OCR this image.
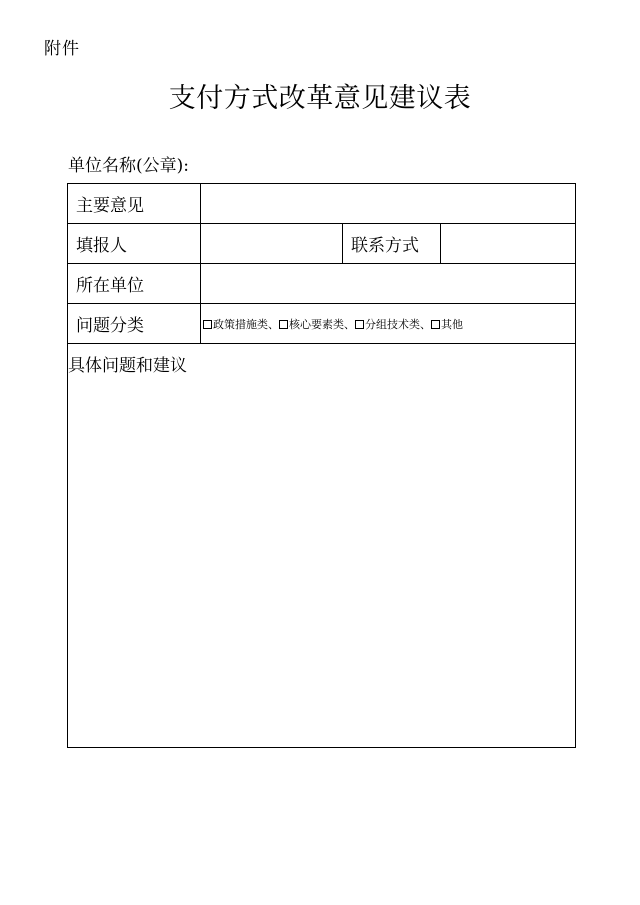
附件
支付方式改革意见建议表
单位名称(公章):
主要意见
填报人	联系方式
所在单位
问题分类	政策措施类、 核心要素类、 分组技术类、 其他
具体问题和建议
